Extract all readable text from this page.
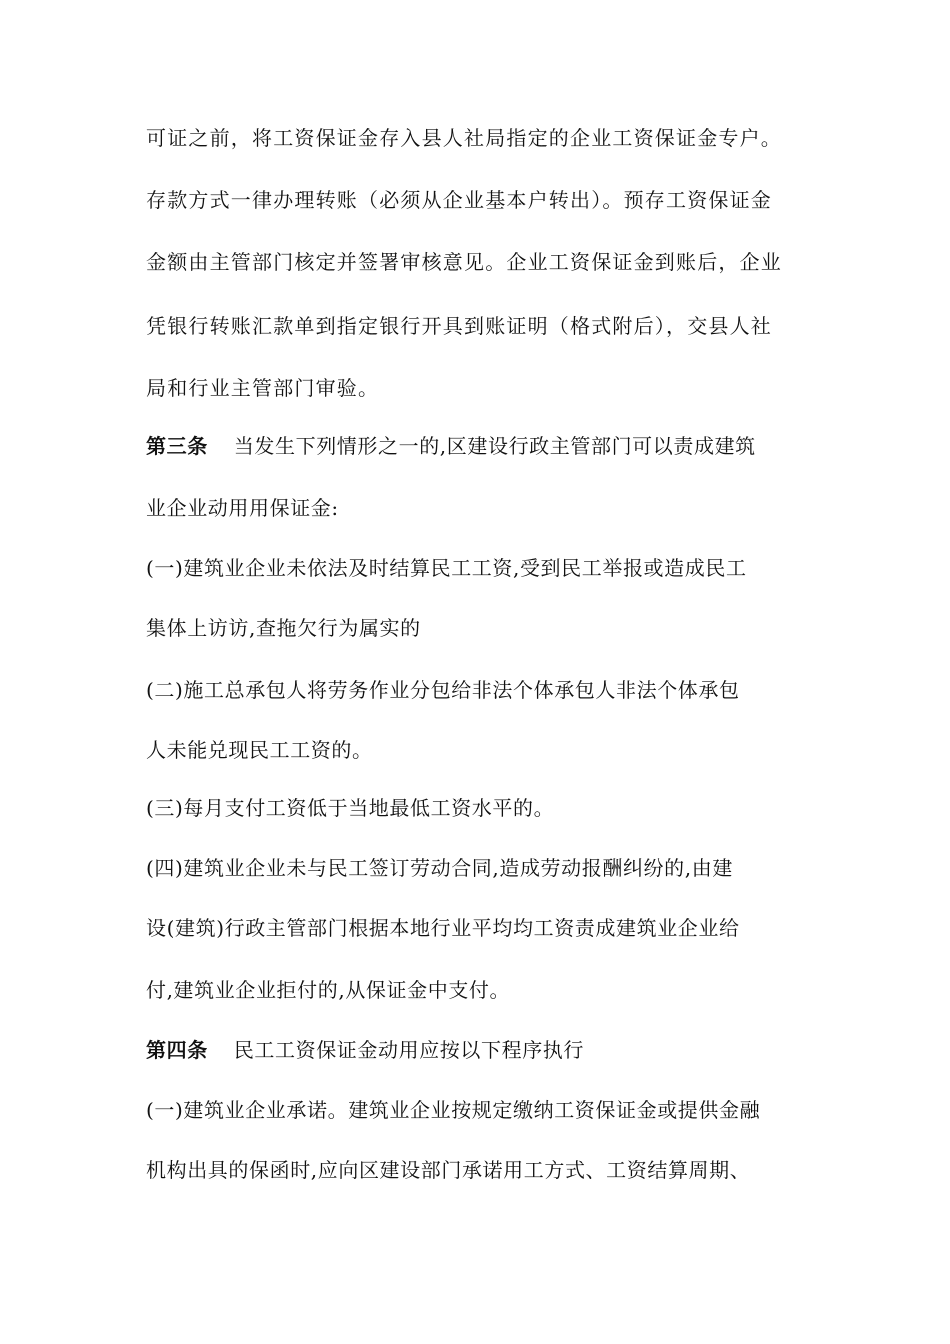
可证之前，将工资保证金存入县人社局指定的企业工资保证金专户。
存款方式一律办理转账（必须从企业基本户转出）。预存工资保证金
金额由主管部门核定并签署审核意见。企业工资保证金到账后，企业
凭银行转账汇款单到指定银行开具到账证明（格式附后），交县人社
局和行业主管部门审验。
第三条 当发生下列情形之一的,区建设行政主管部门可以责成建筑
业企业动用用保证金:
(一)建筑业企业未依法及时结算民工工资,受到民工举报或造成民工
集体上访访,查拖欠行为属实的
(二)施工总承包人将劳务作业分包给非法个体承包人非法个体承包
人未能兑现民工工资的。
(三)每月支付工资低于当地最低工资水平的。
(四)建筑业企业未与民工签订劳动合同,造成劳动报酬纠纷的,由建
设(建筑)行政主管部门根据本地行业平均均工资责成建筑业企业给
付,建筑业企业拒付的,从保证金中支付。
第四条 民工工资保证金动用应按以下程序执行
(一)建筑业企业承诺。建筑业企业按规定缴纳工资保证金或提供金融
机构出具的保函时,应向区建设部门承诺用工方式、工资结算周期、
